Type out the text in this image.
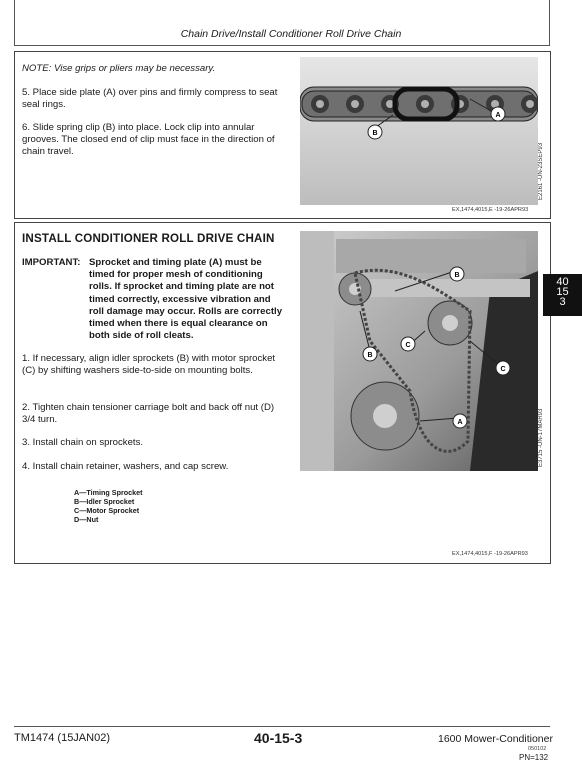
Chain Drive/Install Conditioner Roll Drive Chain
NOTE: Vise grips or pliers may be necessary.
5. Place side plate (A) over pins and firmly compress to seat seal rings.
6. Slide spring clip (B) into place. Lock clip into annular grooves. The closed end of clip must face in the direction of chain travel.
B
A
E2161 -UN-23SEP93
EX,1474,4015,E -19-26APR93
INSTALL CONDITIONER ROLL DRIVE CHAIN
IMPORTANT: Sprocket and timing plate (A) must be timed for proper mesh of conditioning rolls. If sprocket and timing plate are not timed correctly, excessive vibration and roll damage may occur. Rolls are correctly timed when there is equal clearance on both side of roll cleats.
1. If necessary, align idler sprockets (B) with motor sprocket (C) by shifting washers side-to-side on mounting bolts.
2. Tighten chain tensioner carriage bolt and back off nut (D) 3/4 turn.
3. Install chain on sprockets.
4. Install chain retainer, washers, and cap screw.
A—Timing Sprocket
B—Idler Sprocket
C—Motor Sprocket
D—Nut
B
C
B
C
A	E3715 -UN-17MAR93
EX,1474,4015,F -19-26APR93
40
15
3
TM1474 (15JAN02)	40-15-3	1600 Mower-Conditioner
050102
PN=132
